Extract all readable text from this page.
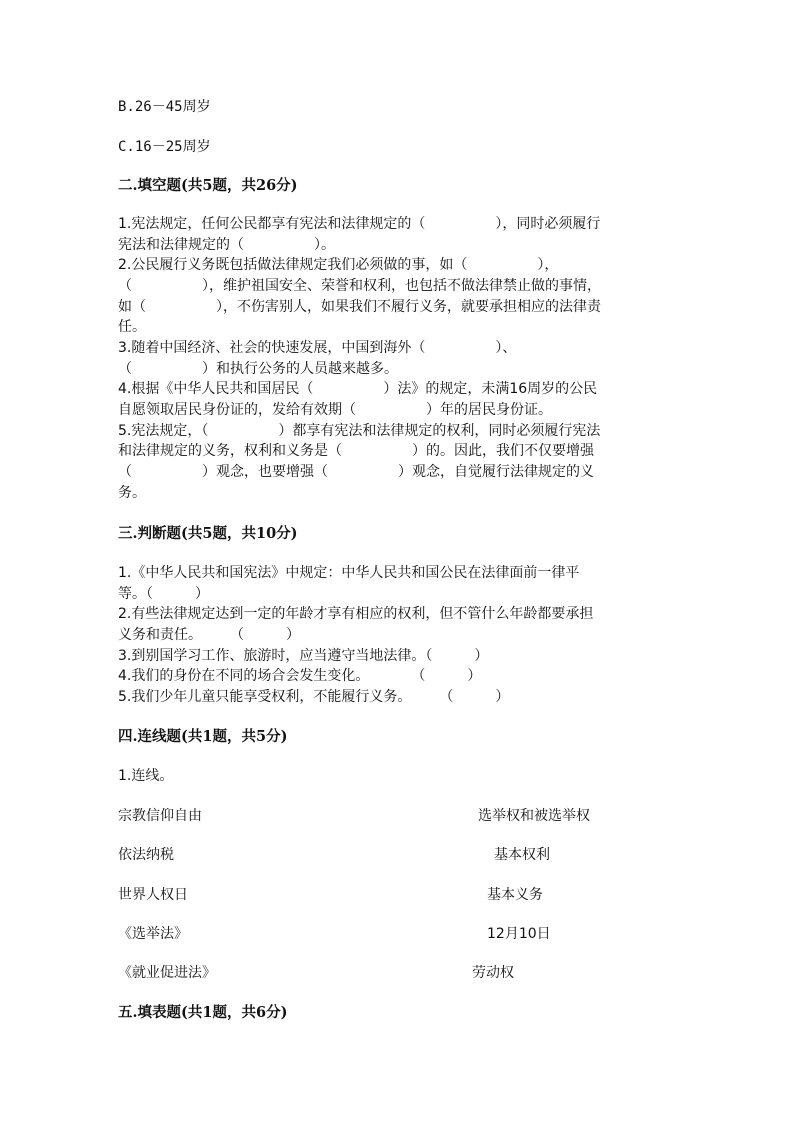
B.26－45周岁
C.16－25周岁
二.填空题(共5题，共26分)
1.宪法规定，任何公民都享有宪法和法律规定的（　　　　　），同时必须履行
宪法和法律规定的（　　　　　）。
2.公民履行义务既包括做法律规定我们必须做的事，如（　　　　　），
（　　　　　），维护祖国安全、荣誉和权利，也包括不做法律禁止做的事情，
如（　　　　　），不伤害别人，如果我们不履行义务，就要承担相应的法律责
任。
3.随着中国经济、社会的快速发展，中国到海外（　　　　　）、
（　　　　　）和执行公务的人员越来越多。
4.根据《中华人民共和国居民（　　　　　）法》的规定，未满16周岁的公民
自愿领取居民身份证的，发给有效期（　　　　　）年的居民身份证。
5.宪法规定，（　　　　　）都享有宪法和法律规定的权利，同时必须履行宪法
和法律规定的义务，权利和义务是（　　　　　）的。因此，我们不仅要增强
（　　　　　）观念，也要增强（　　　　　）观念，自觉履行法律规定的义
务。
三.判断题(共5题，共10分)
1.《中华人民共和国宪法》中规定：中华人民共和国公民在法律面前一律平
等。（　　　）
2.有些法律规定达到一定的年龄才享有相应的权利，但不管什么年龄都要承担
义务和责任。　　　（　　　）
3.到别国学习工作、旅游时，应当遵守当地法律。（　　　）
4.我们的身份在不同的场合会发生变化。　　　　（　　　）
5.我们少年儿童只能享受权利，不能履行义务。　　　（　　　）
四.连线题(共1题，共5分)
1.连线。
宗教信仰自由	选举权和被选举权
依法纳税	基本权利
世界人权日	基本义务
《选举法》	12月10日
《就业促进法》	劳动权
五.填表题(共1题，共6分)
